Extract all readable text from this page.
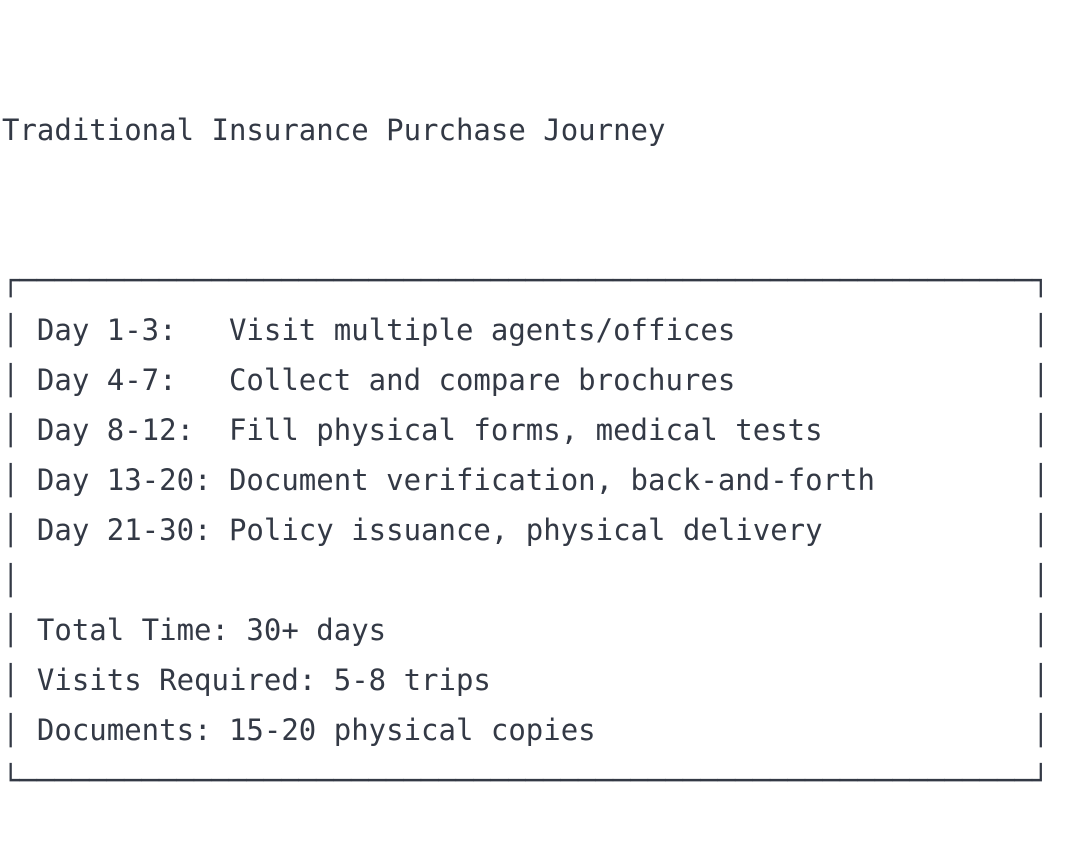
Traditional Insurance Purchase Journey

┌──────────────────────────────────────────────────────────┐
│ Day 1-3:   Visit multiple agents/offices                 │
│ Day 4-7:   Collect and compare brochures                 │
│ Day 8-12:  Fill physical forms, medical tests            │
│ Day 13-20: Document verification, back-and-forth         │
│ Day 21-30: Policy issuance, physical delivery            │
│                                                          │
│ Total Time: 30+ days                                     │
│ Visits Required: 5-8 trips                               │
│ Documents: 15-20 physical copies                         │
└──────────────────────────────────────────────────────────┘
